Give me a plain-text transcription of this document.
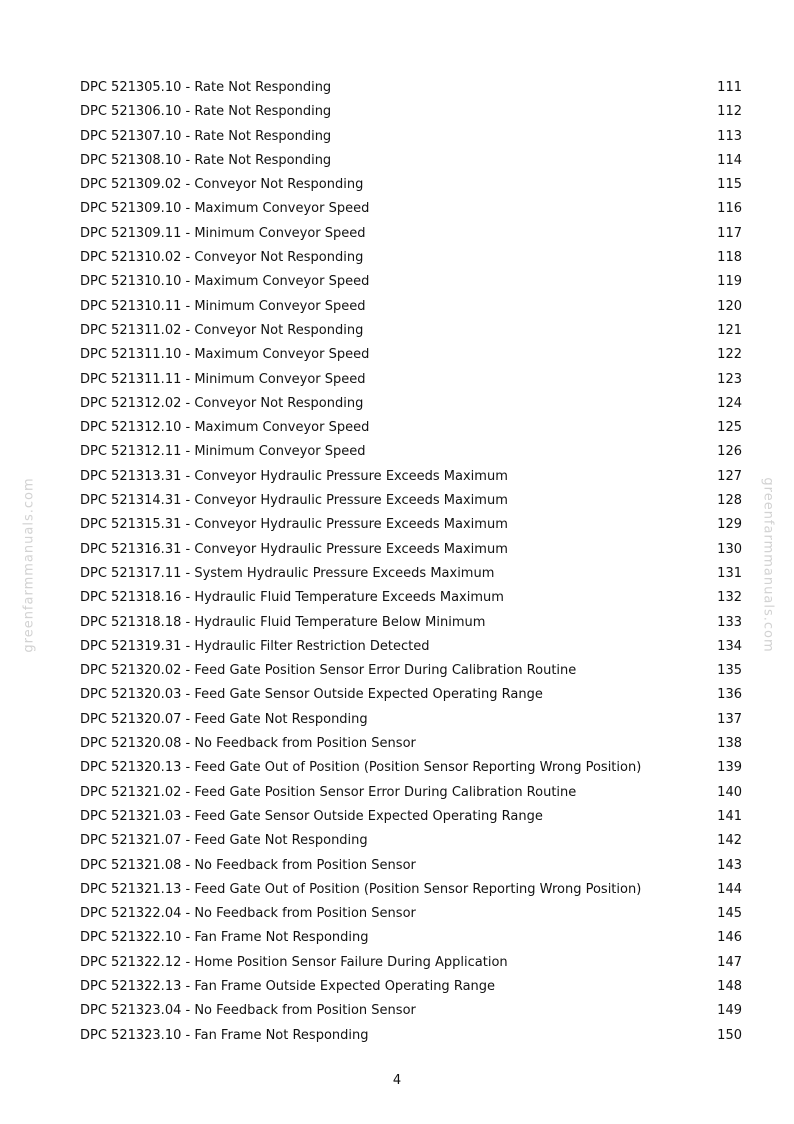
greenfarmmanuals.com	greenfarmmanuals.com
DPC 521305.10 - Rate Not Responding	111
DPC 521306.10 - Rate Not Responding	112
DPC 521307.10 - Rate Not Responding	113
DPC 521308.10 - Rate Not Responding	114
DPC 521309.02 - Conveyor Not Responding	115
DPC 521309.10 - Maximum Conveyor Speed	116
DPC 521309.11 - Minimum Conveyor Speed	117
DPC 521310.02 - Conveyor Not Responding	118
DPC 521310.10 - Maximum Conveyor Speed	119
DPC 521310.11 - Minimum Conveyor Speed	120
DPC 521311.02 - Conveyor Not Responding	121
DPC 521311.10 - Maximum Conveyor Speed	122
DPC 521311.11 - Minimum Conveyor Speed	123
DPC 521312.02 - Conveyor Not Responding	124
DPC 521312.10 - Maximum Conveyor Speed	125
DPC 521312.11 - Minimum Conveyor Speed	126
DPC 521313.31 - Conveyor Hydraulic Pressure Exceeds Maximum	127
DPC 521314.31 - Conveyor Hydraulic Pressure Exceeds Maximum	128
DPC 521315.31 - Conveyor Hydraulic Pressure Exceeds Maximum	129
DPC 521316.31 - Conveyor Hydraulic Pressure Exceeds Maximum	130
DPC 521317.11 - System Hydraulic Pressure Exceeds Maximum	131
DPC 521318.16 - Hydraulic Fluid Temperature Exceeds Maximum	132
DPC 521318.18 - Hydraulic Fluid Temperature Below Minimum	133
DPC 521319.31 - Hydraulic Filter Restriction Detected	134
DPC 521320.02 - Feed Gate Position Sensor Error During Calibration Routine	135
DPC 521320.03 - Feed Gate Sensor Outside Expected Operating Range	136
DPC 521320.07 - Feed Gate Not Responding	137
DPC 521320.08 - No Feedback from Position Sensor	138
DPC 521320.13 - Feed Gate Out of Position (Position Sensor Reporting Wrong Position)	139
DPC 521321.02 - Feed Gate Position Sensor Error During Calibration Routine	140
DPC 521321.03 - Feed Gate Sensor Outside Expected Operating Range	141
DPC 521321.07 - Feed Gate Not Responding	142
DPC 521321.08 - No Feedback from Position Sensor	143
DPC 521321.13 - Feed Gate Out of Position (Position Sensor Reporting Wrong Position)	144
DPC 521322.04 - No Feedback from Position Sensor	145
DPC 521322.10 - Fan Frame Not Responding	146
DPC 521322.12 - Home Position Sensor Failure During Application	147
DPC 521322.13 - Fan Frame Outside Expected Operating Range	148
DPC 521323.04 - No Feedback from Position Sensor	149
DPC 521323.10 - Fan Frame Not Responding	150
4
